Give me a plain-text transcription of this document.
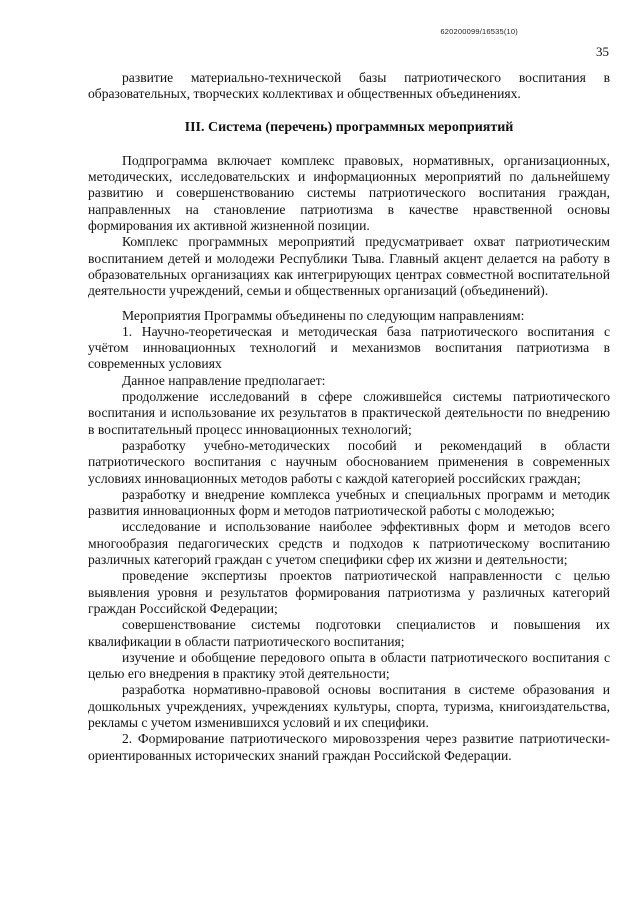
620200099/16535(10)
35

развитие материально-технической базы патриотического воспитания в образовательных, творческих коллективах и общественных объединениях.

III. Система (перечень) программных мероприятий

Подпрограмма включает комплекс правовых, нормативных, организационных, методических, исследовательских и информационных мероприятий по дальнейшему развитию и совершенствованию системы патриотического воспитания граждан, направленных на становление патриотизма в качестве нравственной основы формирования их активной жизненной позиции.

Комплекс программных мероприятий предусматривает охват патриотическим воспитанием детей и молодежи Республики Тыва. Главный акцент делается на работу в образовательных организациях как интегрирующих центрах совместной воспитательной деятельности учреждений, семьи и общественных организаций (объединений).

Мероприятия Программы объединены по следующим направлениям:

1. Научно-теоретическая и методическая база патриотического воспитания с учётом инновационных технологий и механизмов воспитания патриотизма в современных условиях

Данное направление предполагает:

продолжение исследований в сфере сложившейся системы патриотического воспитания и использование их результатов в практической деятельности по внедрению в воспитательный процесс инновационных технологий;

разработку учебно-методических пособий и рекомендаций в области патриотического воспитания с научным обоснованием применения в современных условиях инновационных методов работы с каждой категорией российских граждан;

разработку и внедрение комплекса учебных и специальных программ и методик развития инновационных форм и методов патриотической работы с молодежью;

исследование и использование наиболее эффективных форм и методов всего многообразия педагогических средств и подходов к патриотическому воспитанию различных категорий граждан с учетом специфики сфер их жизни и деятельности;

проведение экспертизы проектов патриотической направленности с целью выявления уровня и результатов формирования патриотизма у различных категорий граждан Российской Федерации;

совершенствование системы подготовки специалистов и повышения их квалификации в области патриотического воспитания;

изучение и обобщение передового опыта в области патриотического воспитания с целью его внедрения в практику этой деятельности;

разработка нормативно-правовой основы воспитания в системе образования и дошкольных учреждениях, учреждениях культуры, спорта, туризма, книгоиздательства, рекламы с учетом изменившихся условий и их специфики.

2. Формирование патриотического мировоззрения через развитие патриотически-ориентированных исторических знаний граждан Российской Федерации.
